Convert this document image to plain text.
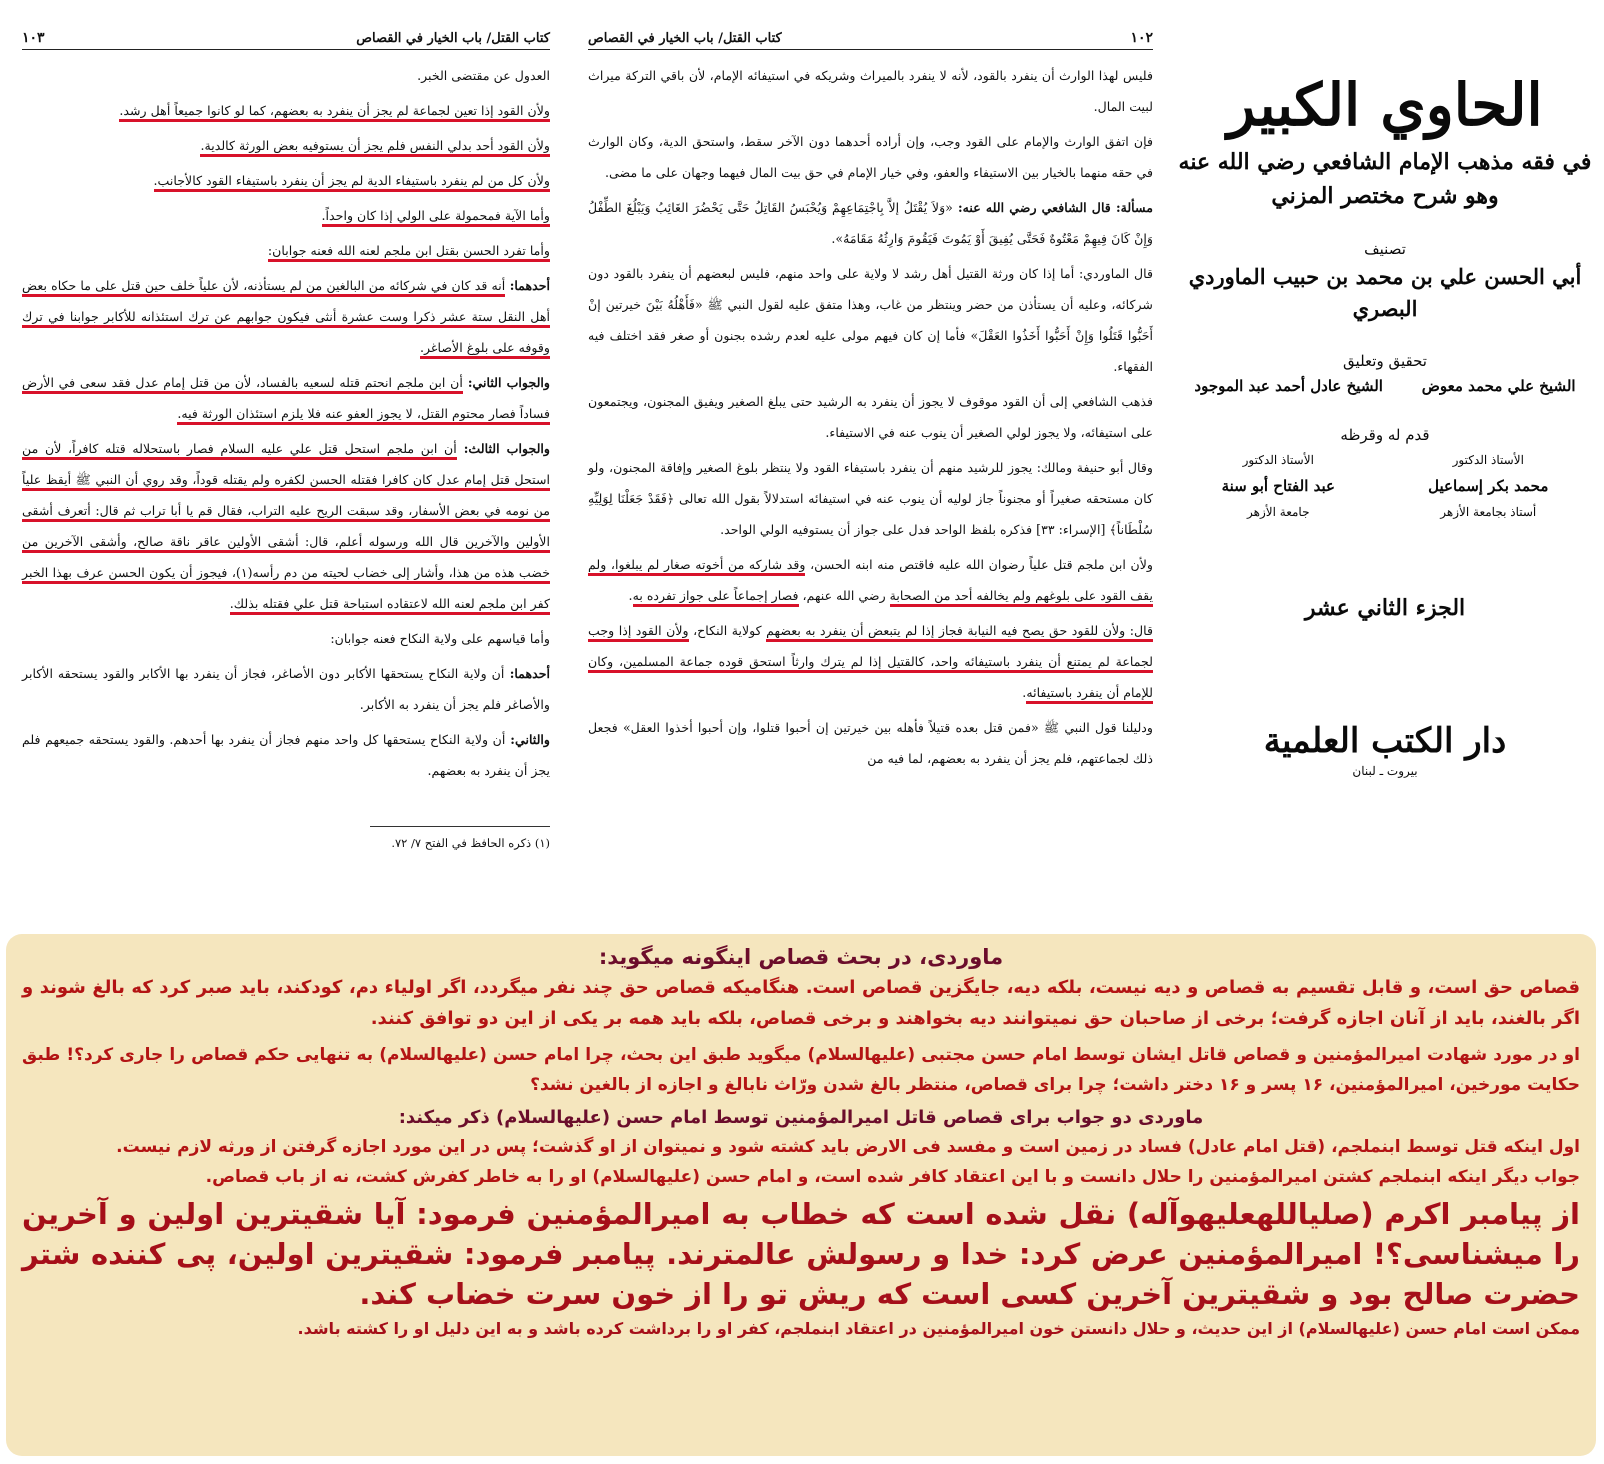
١٠٢
كتاب القتل/ باب الخيار في القصاص

فليس لهذا الوارث أن ينفرد بالقود، لأنه لا ينفرد بالميراث وشريكه في استيفائه الإمام، لأن باقي التركة ميراث لبيت المال.

فإن اتفق الوارث والإمام على القود وجب، وإن أراده أحدهما دون الآخر سقط، واستحق الدية، وكان الوارث في حقه منهما بالخيار بين الاستيفاء والعفو، وفي خيار الإمام في حق بيت المال فيهما وجهان على ما مضى.

مسألة: قال الشافعي رضي الله عنه: «وَلاَ يُقْتَلُ إلاَّ بِاجْتِمَاعِهِمْ وَيُحْبَسُ القَاتِلُ حَتَّى يَحْضُرَ الغَائِبُ وَيَبْلُغَ الطِّفْلُ وَإِنْ كَانَ فِيهِمْ مَعْتُوهٌ فَحَتَّى يُفِيقَ أَوْ يَمُوتَ فَيَقُومَ وَارِثُهُ مَقَامَهُ».

قال الماوردي: أما إذا كان ورثة القتيل أهل رشد لا ولاية على واحد منهم، فليس لبعضهم أن ينفرد بالقود دون شركائه، وعليه أن يستأذن من حضر وينتظر من غاب، وهذا متفق عليه لقول النبي ﷺ «فَأَهْلُهُ بَيْنَ خيرتين إنْ أَحَبُّوا قَتَلُوا وَإِنْ أَحَبُّوا أَخَذُوا العَقْلَ» فأما إن كان فيهم مولى عليه لعدم رشده بجنون أو صغر فقد اختلف فيه الفقهاء.

فذهب الشافعي إلى أن القود موقوف لا يجوز أن ينفرد به الرشيد حتى يبلغ الصغير ويفيق المجنون، ويجتمعون على استيفائه، ولا يجوز لولي الصغير أن ينوب عنه في الاستيفاء.

وقال أبو حنيفة ومالك: يجوز للرشيد منهم أن ينفرد باستيفاء القود ولا ينتظر بلوغ الصغير وإفاقة المجنون، ولو كان مستحقه صغيراً أو مجنوناً جاز لوليه أن ينوب عنه في استيفائه استدلالاً بقول الله تعالى ﴿فَقَدْ جَعَلْنَا لِوَلِيِّهِ سُلْطَاناً﴾ [الإسراء: ٣٣] فذكره بلفظ الواحد فدل على جواز أن يستوفيه الولي الواحد.

ولأن ابن ملجم قتل علياً رضوان الله عليه فاقتص منه ابنه الحسن، وقد شاركه من أخوته صغار لم يبلغوا، ولم يقف القود على بلوغهم ولم يخالفه أحد من الصحابة رضي الله عنهم، فصار إجماعاً على جواز تفرده به.

قال: ولأن للقود حق يصح فيه النيابة فجاز إذا لم يتبعض أن ينفرد به بعضهم كولاية النكاح، ولأن القود إذا وجب لجماعة لم يمتنع أن ينفرد باستيفائه واحد، كالقتيل إذا لم يترك وارثاً استحق قوده جماعة المسلمين، وكان للإمام أن ينفرد باستيفائه.

ودليلنا قول النبي ﷺ «فمن قتل بعده قتيلاً فأهله بين خيرتين إن أحبوا قتلوا، وإن أحبوا أخذوا العقل» فجعل ذلك لجماعتهم، فلم يجز أن ينفرد به بعضهم، لما فيه من

كتاب القتل/ باب الخيار في القصاص
١٠٣

العدول عن مقتضى الخبر.

ولأن القود إذا تعين لجماعة لم يجز أن ينفرد به بعضهم، كما لو كانوا جميعاً أهل رشد.

ولأن القود أحد بدلي النفس فلم يجز أن يستوفيه بعض الورثة كالدية.

ولأن كل من لم ينفرد باستيفاء الدية لم يجز أن ينفرد باستيفاء القود كالأجانب.

وأما الآية فمحمولة على الولي إذا كان واحداً.

وأما تفرد الحسن بقتل ابن ملجم لعنه الله فعنه جوابان:

أحدهما: أنه قد كان في شركائه من البالغين من لم يستأذنه، لأن علياً خلف حين قتل على ما حكاه بعض أهل النقل ستة عشر ذكرا وست عشرة أنثى فيكون جوابهم عن ترك استئذانه للأكابر جوابنا في ترك وقوفه على بلوغ الأصاغر.

والجواب الثاني: أن ابن ملجم انحتم قتله لسعيه بالفساد، لأن من قتل إمام عدل فقد سعى في الأرض فساداً فصار محتوم القتل، لا يجوز العفو عنه فلا يلزم استئذان الورثة فيه.

والجواب الثالث: أن ابن ملجم استحل قتل علي عليه السلام فصار باستحلاله قتله كافراً، لأن من استحل قتل إمام عدل كان كافرا فقتله الحسن لكفره ولم يقتله قوداً، وقد روي أن النبي ﷺ أيقظ علياً من نومه في بعض الأسفار، وقد سبقت الريح عليه التراب، فقال قم يا أبا تراب ثم قال: أتعرف أشقى الأولين والآخرين قال الله ورسوله أعلم، قال: أشقى الأولين عاقر ناقة صالح، وأشقى الآخرين من خضب هذه من هذا، وأشار إلى خضاب لحيته من دم رأسه(١)، فيجوز أن يكون الحسن عرف بهذا الخبر كفر ابن ملجم لعنه الله لاعتقاده استباحة قتل علي فقتله بذلك.

وأما قياسهم على ولاية النكاح فعنه جوابان:

أحدهما: أن ولاية النكاح يستحقها الأكابر دون الأصاغر، فجاز أن ينفرد بها الأكابر والقود يستحقه الأكابر والأصاغر فلم يجز أن ينفرد به الأكابر.

والثاني: أن ولاية النكاح يستحقها كل واحد منهم فجاز أن ينفرد بها أحدهم. والقود يستحقه جميعهم فلم يجز أن ينفرد به بعضهم.

(١) ذكره الحافظ في الفتح ٧/ ٧٢.
الحاوي الكبير
في فقه مذهب الإمام الشافعي رضي الله عنه
وهو شرح مختصر المزني
تصنيف
أبي الحسن علي بن محمد بن حبيب الماوردي البصري
تحقيق وتعليق
الشيخ علي محمد معوض
الشيخ عادل أحمد عبد الموجود
قدم له وقرظه
الأستاذ الدكتور
محمد بكر إسماعيل
أستاذ بجامعة الأزهر
الأستاذ الدكتور
عبد الفتاح أبو سنة
جامعة الأزهر
الجزء الثاني عشر
دار الكتب العلمية
بيروت ـ لبنان

ماوردی، در بحث قصاص اینگونه میگوید:

قصاص حق است، و قابل تقسیم به قصاص و دیه نیست، بلکه دیه، جایگزین قصاص است. هنگامیکه قصاص حق چند نفر میگردد، اگر اولیاء دم، کودکند، باید صبر کرد که بالغ شوند و اگر بالغند، باید از آنان اجازه گرفت؛ برخی از صاحبان حق نمیتوانند دیه بخواهند و برخی قصاص، بلکه باید همه بر یکی از این دو توافق کنند.

او در مورد شهادت امیرالمؤمنین و قصاص قاتل ایشان توسط امام حسن مجتبی (علیهالسلام) میگوید طبق این بحث، چرا امام حسن (علیهالسلام) به تنهایی حکم قصاص را جاری کرد؟! طبق حکایت مورخین، امیرالمؤمنین، ۱۶ پسر و ۱۶ دختر داشت؛ چرا برای قصاص، منتظر بالغ شدن ورّاث نابالغ و اجازه از بالغین نشد؟

ماوردی دو جواب برای قصاص قاتل امیرالمؤمنین توسط امام حسن (علیهالسلام) ذکر میکند:

اول اینکه قتل توسط ابنملجم، (قتل امام عادل) فساد در زمین است و مفسد فی الارض باید کشته شود و نمیتوان از او گذشت؛ پس در این مورد اجازه گرفتن از ورثه لازم نیست.

جواب دیگر اینکه ابنملجم کشتن امیرالمؤمنین را حلال دانست و با این اعتقاد کافر شده است، و امام حسن (علیهالسلام) او را به خاطر کفرش کشت، نه از باب قصاص.

از پیامبر اکرم (صلیاللهعلیهوآله) نقل شده است که خطاب به امیرالمؤمنین فرمود: آیا شقیترین اولین و آخرین را میشناسی؟! امیرالمؤمنین عرض کرد: خدا و رسولش عالمترند. پیامبر فرمود: شقیترین اولین، پی کننده شتر حضرت صالح بود و شقیترین آخرین کسی است که ریش تو را از خون سرت خضاب کند.

ممکن است امام حسن (علیهالسلام) از این حدیث، و حلال دانستن خون امیرالمؤمنین در اعتقاد ابنملجم، کفر او را برداشت کرده باشد و به این دلیل او را کشته باشد.
